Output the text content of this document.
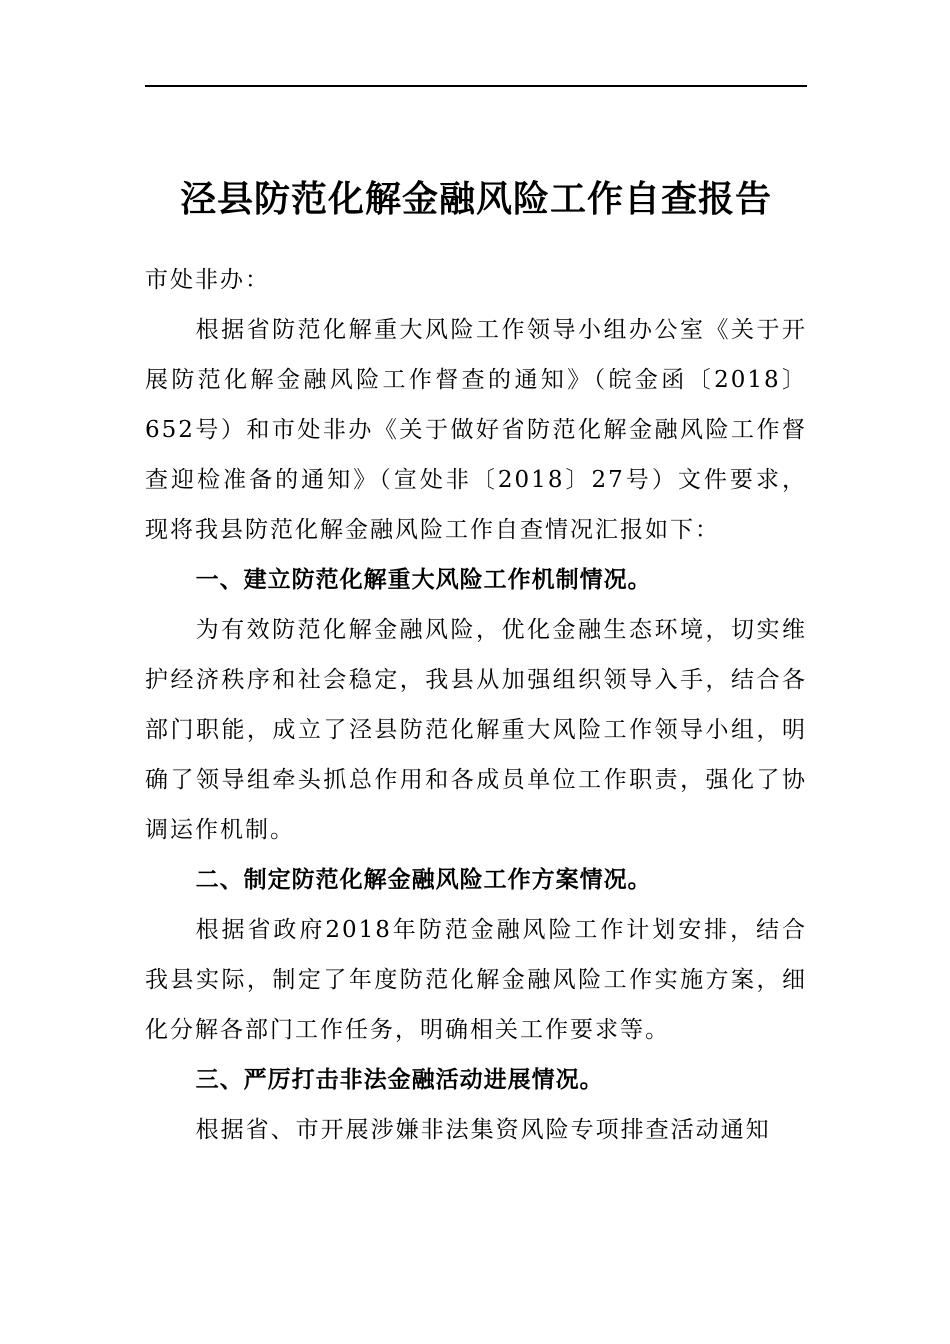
泾县防范化解金融风险工作自查报告

市处非办：

根据省防范化解重大风险工作领导小组办公室《关于开展防范化解金融风险工作督查的通知》（皖金函〔2018〕652号）和市处非办《关于做好省防范化解金融风险工作督查迎检准备的通知》（宣处非〔2018〕27号）文件要求，现将我县防范化解金融风险工作自查情况汇报如下：

一、建立防范化解重大风险工作机制情况。

为有效防范化解金融风险，优化金融生态环境，切实维护经济秩序和社会稳定，我县从加强组织领导入手，结合各部门职能，成立了泾县防范化解重大风险工作领导小组，明确了领导组牵头抓总作用和各成员单位工作职责，强化了协调运作机制。

二、制定防范化解金融风险工作方案情况。

根据省政府2018年防范金融风险工作计划安排，结合我县实际，制定了年度防范化解金融风险工作实施方案，细化分解各部门工作任务，明确相关工作要求等。

三、严厉打击非法金融活动进展情况。

根据省、市开展涉嫌非法集资风险专项排查活动通知
